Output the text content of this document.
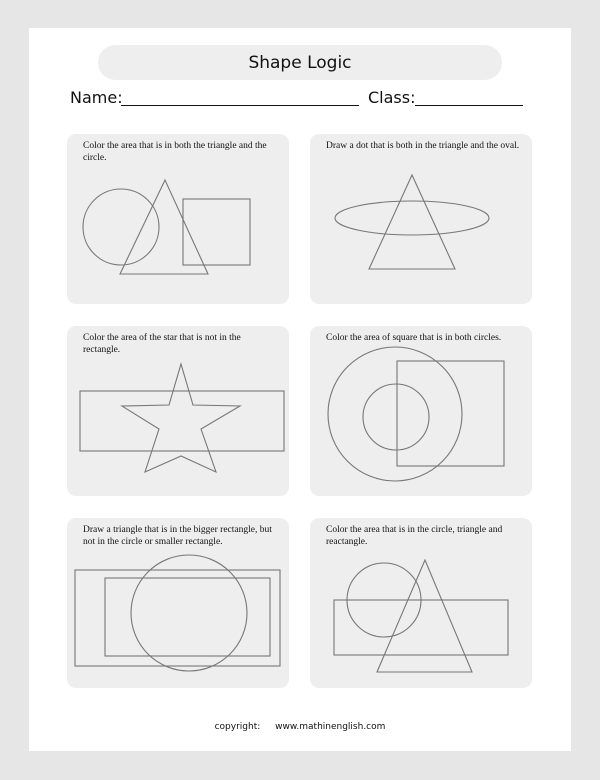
Shape Logic
Name:	Class:
Color the area that is in both the triangle and the circle.
Draw a dot that is both in the triangle and the oval.
Color the area of the star that is not in the rectangle.
Color the area of square that is in both circles.
Draw a triangle that is in the bigger rectangle, but not in the circle or smaller rectangle.
Color the area that is in the circle, triangle and reactangle.
copyright: www.mathinenglish.com
